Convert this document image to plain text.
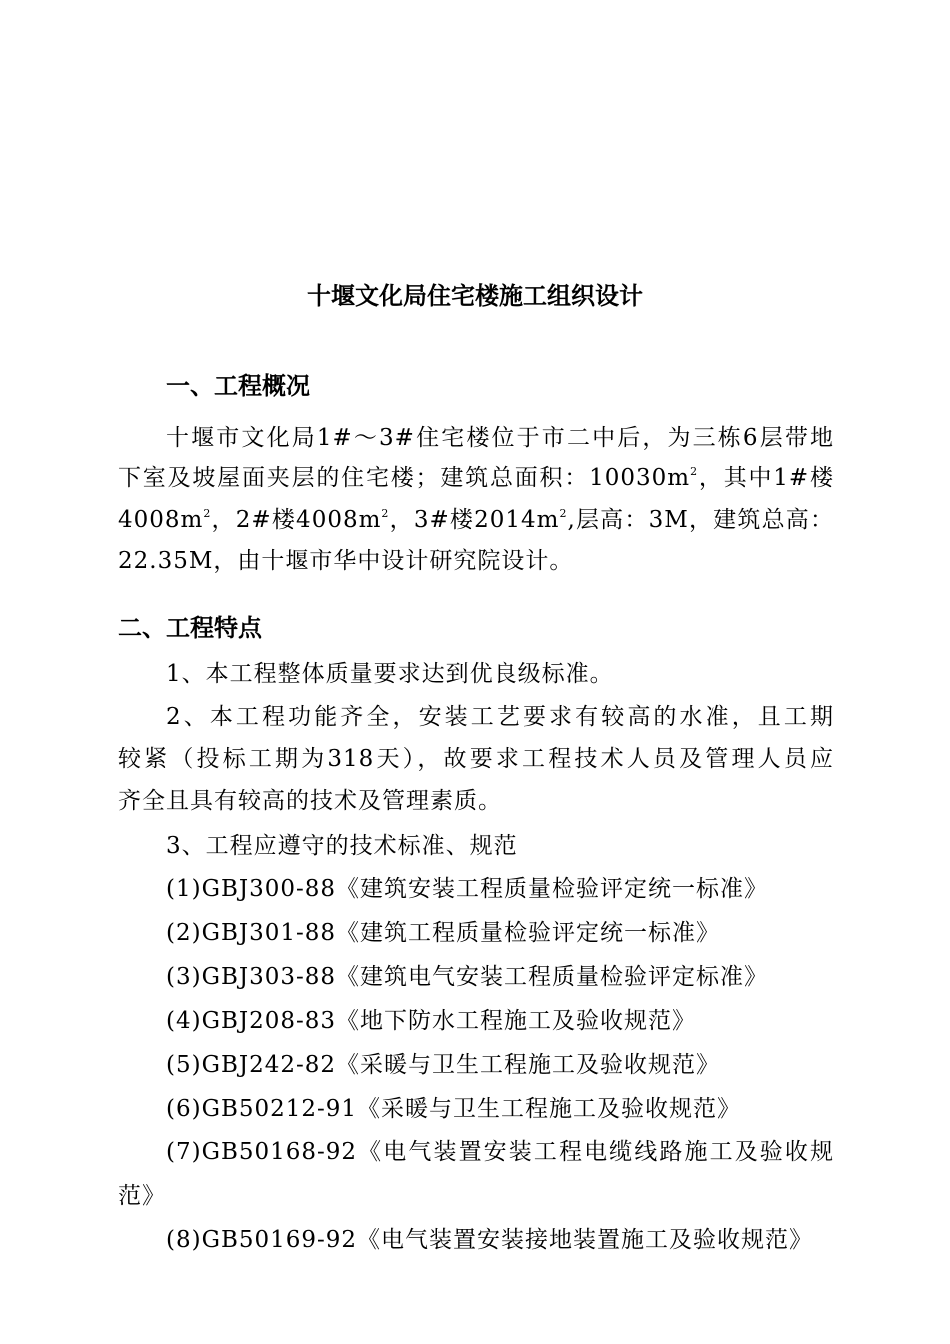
十堰文化局住宅楼施工组织设计
一、工程概况
十堰市文化局1#～3#住宅楼位于市二中后，为三栋6层带地
下室及坡屋面夹层的住宅楼；建筑总面积：$10030m^2$，其中1#楼
$4008m^2$，2#楼$4008m^2$，3#楼$2014m^2$,层高：3M，建筑总高：
22.35M，由十堰市华中设计研究院设计。
二、工程特点
1、本工程整体质量要求达到优良级标准。
2、本工程功能齐全，安装工艺要求有较高的水准，且工期
较紧（投标工期为318天），故要求工程技术人员及管理人员应
齐全且具有较高的技术及管理素质。
3、工程应遵守的技术标准、规范
(1)GBJ300-88《建筑安装工程质量检验评定统一标准》
(2)GBJ301-88《建筑工程质量检验评定统一标准》
(3)GBJ303-88《建筑电气安装工程质量检验评定标准》
(4)GBJ208-83《地下防水工程施工及验收规范》
(5)GBJ242-82《采暖与卫生工程施工及验收规范》
(6)GB50212-91《采暖与卫生工程施工及验收规范》
(7)GB50168-92《电气装置安装工程电缆线路施工及验收规
范》
(8)GB50169-92《电气装置安装接地装置施工及验收规范》
